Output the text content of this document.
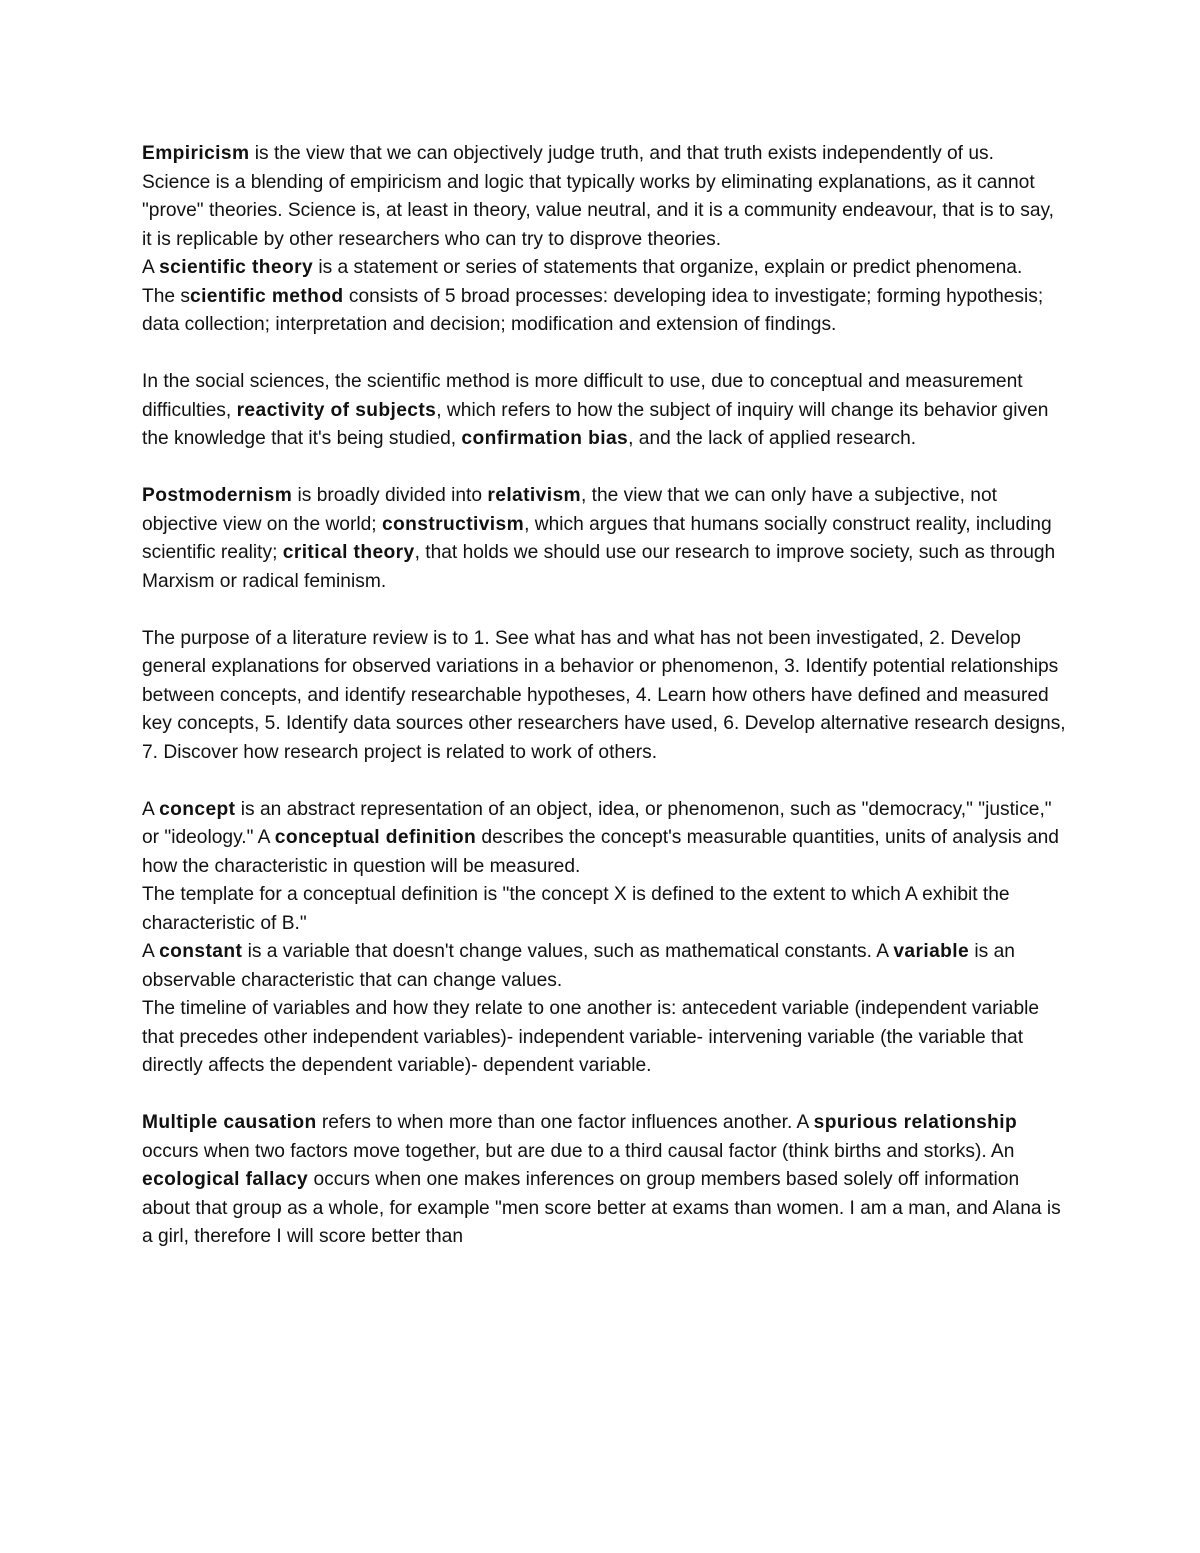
Empiricism is the view that we can objectively judge truth, and that truth exists independently of us. Science is a blending of empiricism and logic that typically works by eliminating explanations, as it cannot "prove" theories. Science is, at least in theory, value neutral, and it is a community endeavour, that is to say, it is replicable by other researchers who can try to disprove theories.

A scientific theory is a statement or series of statements that organize, explain or predict phenomena.

The scientific method consists of 5 broad processes: developing idea to investigate; forming hypothesis; data collection; interpretation and decision; modification and extension of findings.

In the social sciences, the scientific method is more difficult to use, due to conceptual and measurement difficulties, reactivity of subjects, which refers to how the subject of inquiry will change its behavior given the knowledge that it's being studied, confirmation bias, and the lack of applied research.

Postmodernism is broadly divided into relativism, the view that we can only have a subjective, not objective view on the world; constructivism, which argues that humans socially construct reality, including scientific reality; critical theory, that holds we should use our research to improve society, such as through Marxism or radical feminism.

The purpose of a literature review is to 1. See what has and what has not been investigated, 2. Develop general explanations for observed variations in a behavior or phenomenon, 3. Identify potential relationships between concepts, and identify researchable hypotheses, 4. Learn how others have defined and measured key concepts, 5. Identify data sources other researchers have used, 6. Develop alternative research designs, 7. Discover how research project is related to work of others.

A concept is an abstract representation of an object, idea, or phenomenon, such as "democracy," "justice," or "ideology." A conceptual definition describes the concept's measurable quantities, units of analysis and how the characteristic in question will be measured.

The template for a conceptual definition is "the concept X is defined to the extent to which A exhibit the characteristic of B."

A constant is a variable that doesn't change values, such as mathematical constants. A variable is an observable characteristic that can change values.

The timeline of variables and how they relate to one another is: antecedent variable (independent variable that precedes other independent variables)- independent variable- intervening variable (the variable that directly affects the dependent variable)- dependent variable.

Multiple causation refers to when more than one factor influences another. A spurious relationship occurs when two factors move together, but are due to a third causal factor (think births and storks). An ecological fallacy occurs when one makes inferences on group members based solely off information about that group as a whole, for example "men score better at exams than women. I am a man, and Alana is a girl, therefore I will score better than
